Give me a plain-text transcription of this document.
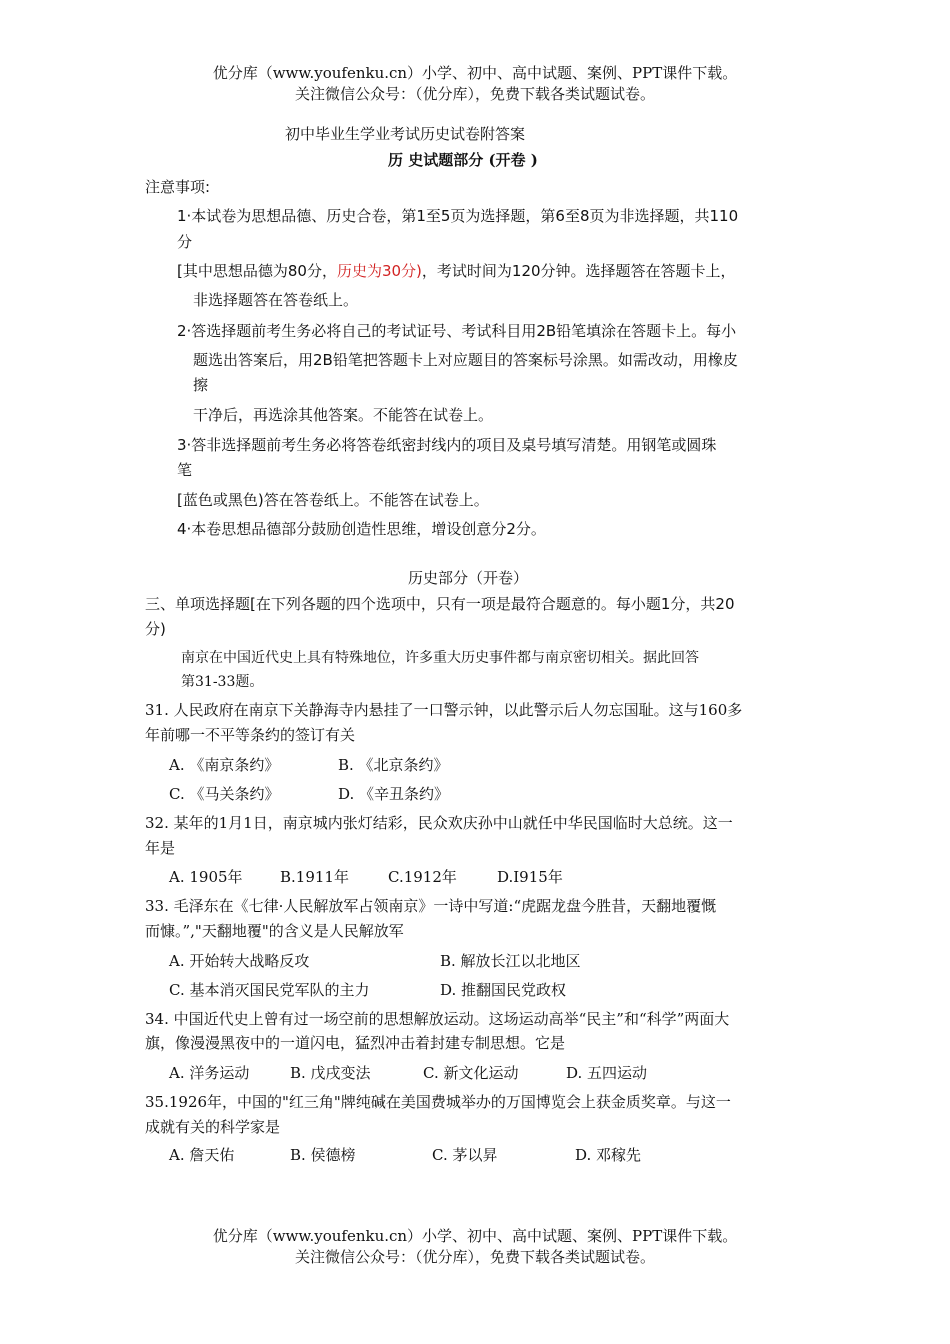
优分库（www.youfenku.cn）小学、初中、高中试题、案例、PPT课件下载。
关注微信公众号：（优分库），免费下载各类试题试卷。
初中毕业生学业考试历史试卷附答案
历 史试题部分 (开卷 )
注意事项:
1·本试卷为思想品德、历史合卷，第1至5页为选择题，第6至8页为非选择题，共110
分
[其中思想品德为80分，历史为30分)，考试时间为120分钟。选择题答在答题卡上，
非选择题答在答卷纸上。
2·答选择题前考生务必将自己的考试证号、考试科目用2B铅笔填涂在答题卡上。每小
题选出答案后，用2B铅笔把答题卡上对应题目的答案标号涂黑。如需改动，用橡皮
擦
干净后，再选涂其他答案。不能答在试卷上。
3·答非选择题前考生务必将答卷纸密封线内的项目及桌号填写清楚。用钢笔或圆珠
笔
[蓝色或黑色)答在答卷纸上。不能答在试卷上。
4·本卷思想品德部分鼓励创造性思维，增设创意分2分。
历史部分（开卷）
三、单项选择题[在下列各题的四个选项中，只有一项是最符合题意的。每小题1分，共20
分)
南京在中国近代史上具有特殊地位，许多重大历史事件都与南京密切相关。据此回答
第31-33题。
31. 人民政府在南京下关静海寺内悬挂了一口警示钟，以此警示后人勿忘国耻。这与160多
年前哪一不平等条约的签订有关
A. 《南京条约》	B. 《北京条约》
C. 《马关条约》	D. 《辛丑条约》
32. 某年的1月1日，南京城内张灯结彩，民众欢庆孙中山就任中华民国临时大总统。这一
年是
A. 1905年 B.1911年	C.1912年	D.I915年
33. 毛泽东在《七律·人民解放军占领南京》一诗中写道:“虎踞龙盘今胜昔，天翻地覆慨
而慷。”,"天翻地覆"的含义是人民解放军
A. 开始转大战略反攻	B. 解放长江以北地区
C. 基本消灭国民党军队的主力	D. 推翻国民党政权
34. 中国近代史上曾有过一场空前的思想解放运动。这场运动高举“民主”和“科学”两面大
旗，像漫漫黑夜中的一道闪电，猛烈冲击着封建专制思想。它是
A. 洋务运动	B. 戊戌变法	C. 新文化运动	D. 五四运动
35.1926年，中国的"红三角"牌纯碱在美国费城举办的万国博览会上获金质奖章。与这一
成就有关的科学家是
A. 詹天佑	B. 侯德榜	C. 茅以昇	D. 邓稼先
优分库（www.youfenku.cn）小学、初中、高中试题、案例、PPT课件下载。
关注微信公众号：（优分库），免费下载各类试题试卷。
